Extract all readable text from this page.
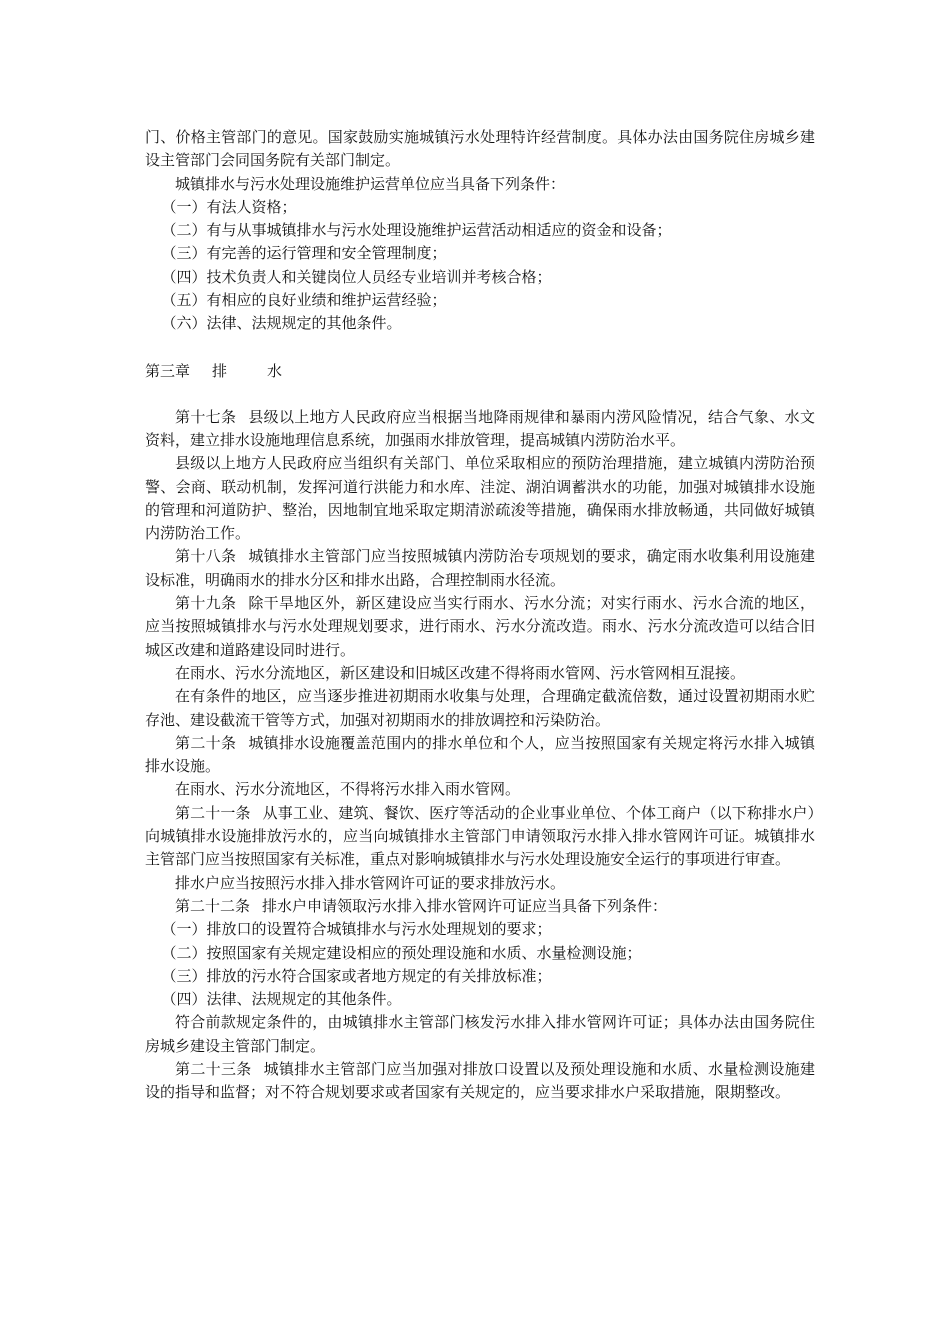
门、价格主管部门的意见。国家鼓励实施城镇污水处理特许经营制度。具体办法由国务院住房城乡建设主管部门会同国务院有关部门制定。

城镇排水与污水处理设施维护运营单位应当具备下列条件：

（一）有法人资格；

（二）有与从事城镇排水与污水处理设施维护运营活动相适应的资金和设备；

（三）有完善的运行管理和安全管理制度；

（四）技术负责人和关键岗位人员经专业培训并考核合格；

（五）有相应的良好业绩和维护运营经验；

（六）法律、法规规定的其他条件。

第三章 排	水

第十七条 县级以上地方人民政府应当根据当地降雨规律和暴雨内涝风险情况，结合气象、水文资料，建立排水设施地理信息系统，加强雨水排放管理，提高城镇内涝防治水平。

县级以上地方人民政府应当组织有关部门、单位采取相应的预防治理措施，建立城镇内涝防治预警、会商、联动机制，发挥河道行洪能力和水库、洼淀、湖泊调蓄洪水的功能，加强对城镇排水设施的管理和河道防护、整治，因地制宜地采取定期清淤疏浚等措施，确保雨水排放畅通，共同做好城镇内涝防治工作。

第十八条 城镇排水主管部门应当按照城镇内涝防治专项规划的要求，确定雨水收集利用设施建设标准，明确雨水的排水分区和排水出路，合理控制雨水径流。

第十九条 除干旱地区外，新区建设应当实行雨水、污水分流；对实行雨水、污水合流的地区，应当按照城镇排水与污水处理规划要求，进行雨水、污水分流改造。雨水、污水分流改造可以结合旧城区改建和道路建设同时进行。

在雨水、污水分流地区，新区建设和旧城区改建不得将雨水管网、污水管网相互混接。

在有条件的地区，应当逐步推进初期雨水收集与处理，合理确定截流倍数，通过设置初期雨水贮存池、建设截流干管等方式，加强对初期雨水的排放调控和污染防治。

第二十条 城镇排水设施覆盖范围内的排水单位和个人，应当按照国家有关规定将污水排入城镇排水设施。

在雨水、污水分流地区，不得将污水排入雨水管网。

第二十一条 从事工业、建筑、餐饮、医疗等活动的企业事业单位、个体工商户（以下称排水户）向城镇排水设施排放污水的，应当向城镇排水主管部门申请领取污水排入排水管网许可证。城镇排水主管部门应当按照国家有关标准，重点对影响城镇排水与污水处理设施安全运行的事项进行审查。

排水户应当按照污水排入排水管网许可证的要求排放污水。

第二十二条 排水户申请领取污水排入排水管网许可证应当具备下列条件：

（一）排放口的设置符合城镇排水与污水处理规划的要求；

（二）按照国家有关规定建设相应的预处理设施和水质、水量检测设施；

（三）排放的污水符合国家或者地方规定的有关排放标准；

（四）法律、法规规定的其他条件。

符合前款规定条件的，由城镇排水主管部门核发污水排入排水管网许可证；具体办法由国务院住房城乡建设主管部门制定。

第二十三条 城镇排水主管部门应当加强对排放口设置以及预处理设施和水质、水量检测设施建设的指导和监督；对不符合规划要求或者国家有关规定的，应当要求排水户采取措施，限期整改。
